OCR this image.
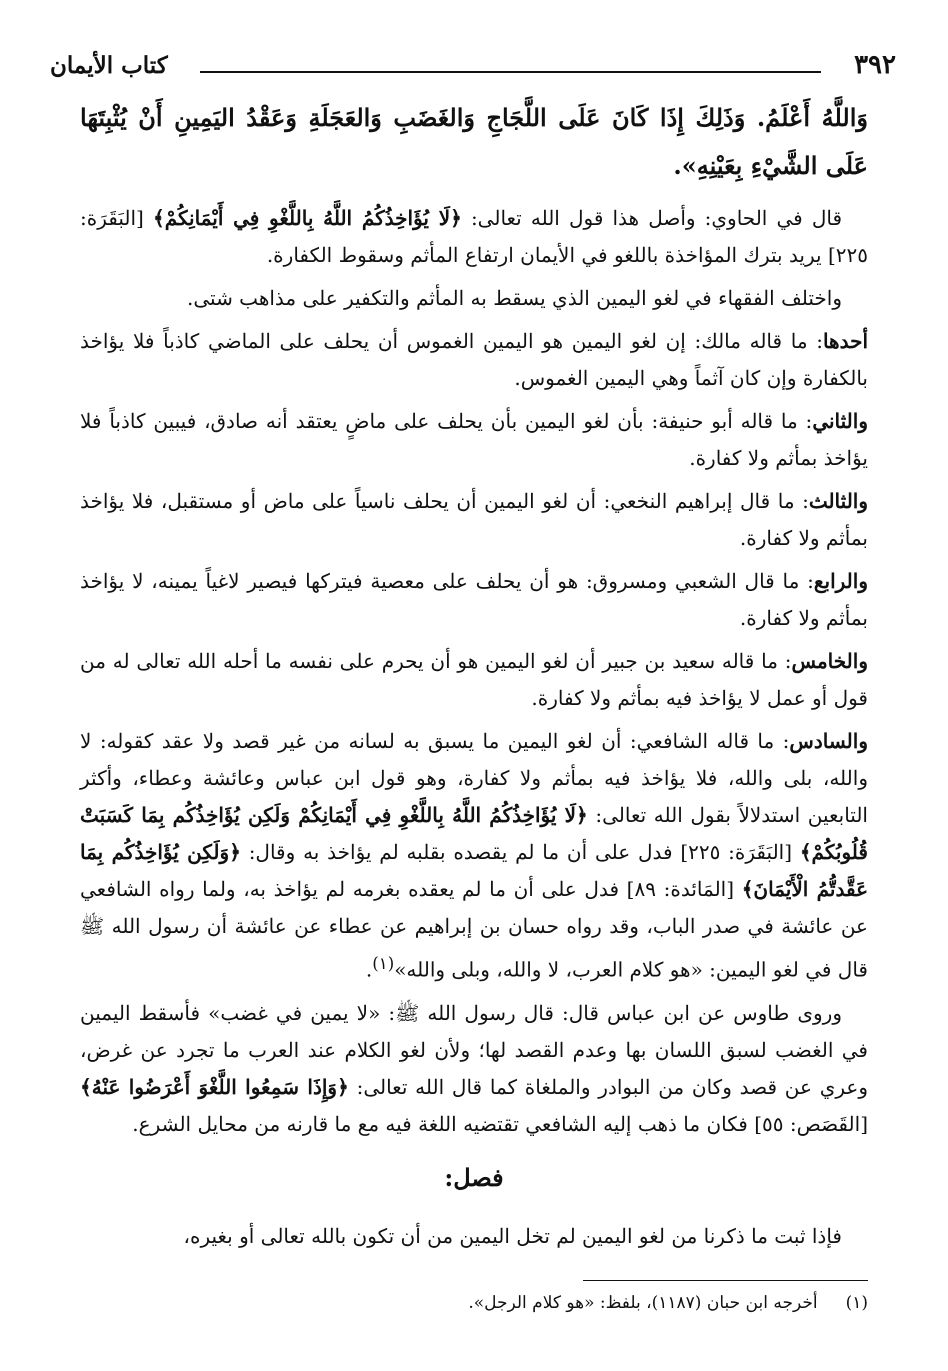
٣٩٢
كتاب الأيمان

وَاللَّهُ أَعْلَمُ. وَذَلِكَ إِذَا كَانَ عَلَى اللَّجَاجِ وَالغَضَبِ وَالعَجَلَةِ وَعَقْدُ اليَمِينِ أَنْ يُثْبِتَهَا عَلَى الشَّيْءِ بِعَيْنِهِ».

قال في الحاوي: وأصل هذا قول الله تعالى: ﴿لَا يُؤَاخِذُكُمُ اللَّهُ بِاللَّغْوِ فِي أَيْمَانِكُمْ﴾ [البَقَرَة: ٢٢٥] يريد بترك المؤاخذة باللغو في الأيمان ارتفاع المأثم وسقوط الكفارة.

واختلف الفقهاء في لغو اليمين الذي يسقط به المأثم والتكفير على مذاهب شتى.

أحدها: ما قاله مالك: إن لغو اليمين هو اليمين الغموس أن يحلف على الماضي كاذباً فلا يؤاخذ بالكفارة وإن كان آثماً وهي اليمين الغموس.

والثاني: ما قاله أبو حنيفة: بأن لغو اليمين بأن يحلف على ماضٍ يعتقد أنه صادق، فيبين كاذباً فلا يؤاخذ بمأثم ولا كفارة.

والثالث: ما قال إبراهيم النخعي: أن لغو اليمين أن يحلف ناسياً على ماض أو مستقبل، فلا يؤاخذ بمأثم ولا كفارة.

والرابع: ما قال الشعبي ومسروق: هو أن يحلف على معصية فيتركها فيصير لاغياً يمينه، لا يؤاخذ بمأثم ولا كفارة.

والخامس: ما قاله سعيد بن جبير أن لغو اليمين هو أن يحرم على نفسه ما أحله الله تعالى له من قول أو عمل لا يؤاخذ فيه بمأثم ولا كفارة.

والسادس: ما قاله الشافعي: أن لغو اليمين ما يسبق به لسانه من غير قصد ولا عقد كقوله: لا والله، بلى والله، فلا يؤاخذ فيه بمأثم ولا كفارة، وهو قول ابن عباس وعائشة وعطاء، وأكثر التابعين استدلالاً بقول الله تعالى: ﴿لَا يُؤَاخِذُكُمُ اللَّهُ بِاللَّغْوِ فِي أَيْمَانِكُمْ وَلَكِن يُؤَاخِذُكُم بِمَا كَسَبَتْ قُلُوبُكُمْ﴾ [البَقَرَة: ٢٢٥] فدل على أن ما لم يقصده بقلبه لم يؤاخذ به وقال: ﴿وَلَكِن يُؤَاخِذُكُم بِمَا عَقَّدتُّمُ الْأَيْمَانَ﴾ [المَائدة: ٨٩] فدل على أن ما لم يعقده بغرمه لم يؤاخذ به، ولما رواه الشافعي عن عائشة في صدر الباب، وقد رواه حسان بن إبراهيم عن عطاء عن عائشة أن رسول الله ﷺ قال في لغو اليمين: «هو كلام العرب، لا والله، وبلى والله»$^{(١)}$.

وروى طاوس عن ابن عباس قال: قال رسول الله ﷺ: «لا يمين في غضب» فأسقط اليمين في الغضب لسبق اللسان بها وعدم القصد لها؛ ولأن لغو الكلام عند العرب ما تجرد عن غرض، وعري عن قصد وكان من البوادر والملغاة كما قال الله تعالى: ﴿وَإِذَا سَمِعُوا اللَّغْوَ أَعْرَضُوا عَنْهُ﴾ [القَصَص: ٥٥] فكان ما ذهب إليه الشافعي تقتضيه اللغة فيه مع ما قارنه من محايل الشرع.

فصل:
فإذا ثبت ما ذكرنا من لغو اليمين لم تخل اليمين من أن تكون بالله تعالى أو بغيره،
(١)أخرجه ابن حبان (١١٨٧)، بلفظ: «هو كلام الرجل».
